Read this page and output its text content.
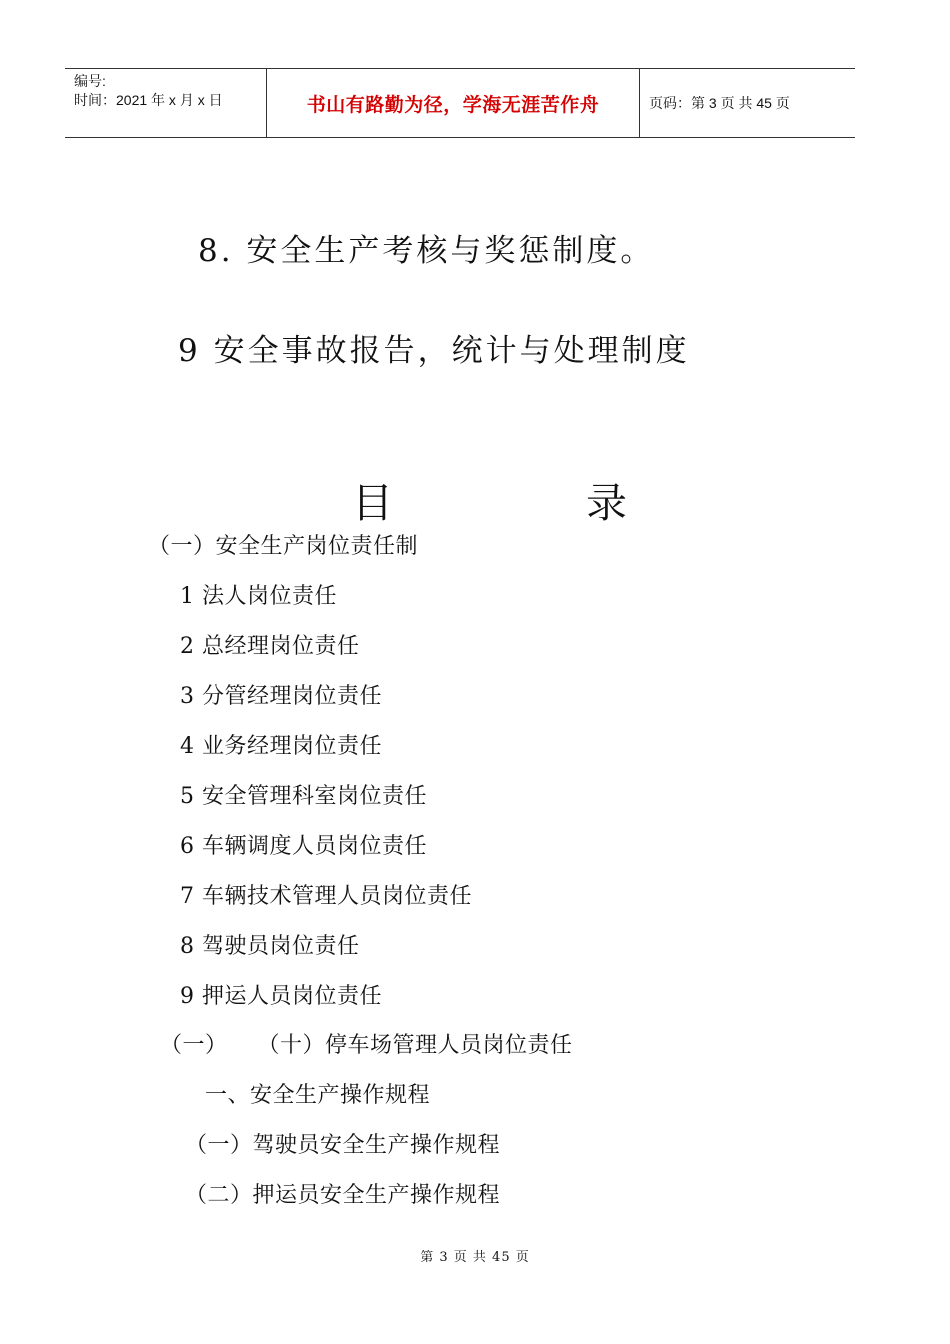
编号:
时间：2021 年 x 月 x 日	书山有路勤为径，学海无涯苦作舟	页码：第 3 页 共 45 页
8. 安全生产考核与奖惩制度。
9 安全事故报告，统计与处理制度
目	录
（一）安全生产岗位责任制
1 法人岗位责任
2 总经理岗位责任
3 分管经理岗位责任
4 业务经理岗位责任
5 安全管理科室岗位责任
6 车辆调度人员岗位责任
7 车辆技术管理人员岗位责任
8 驾驶员岗位责任
9 押运人员岗位责任
（一）    （十）停车场管理人员岗位责任
一、安全生产操作规程
（一）驾驶员安全生产操作规程
（二）押运员安全生产操作规程
第 3 页 共 45 页
